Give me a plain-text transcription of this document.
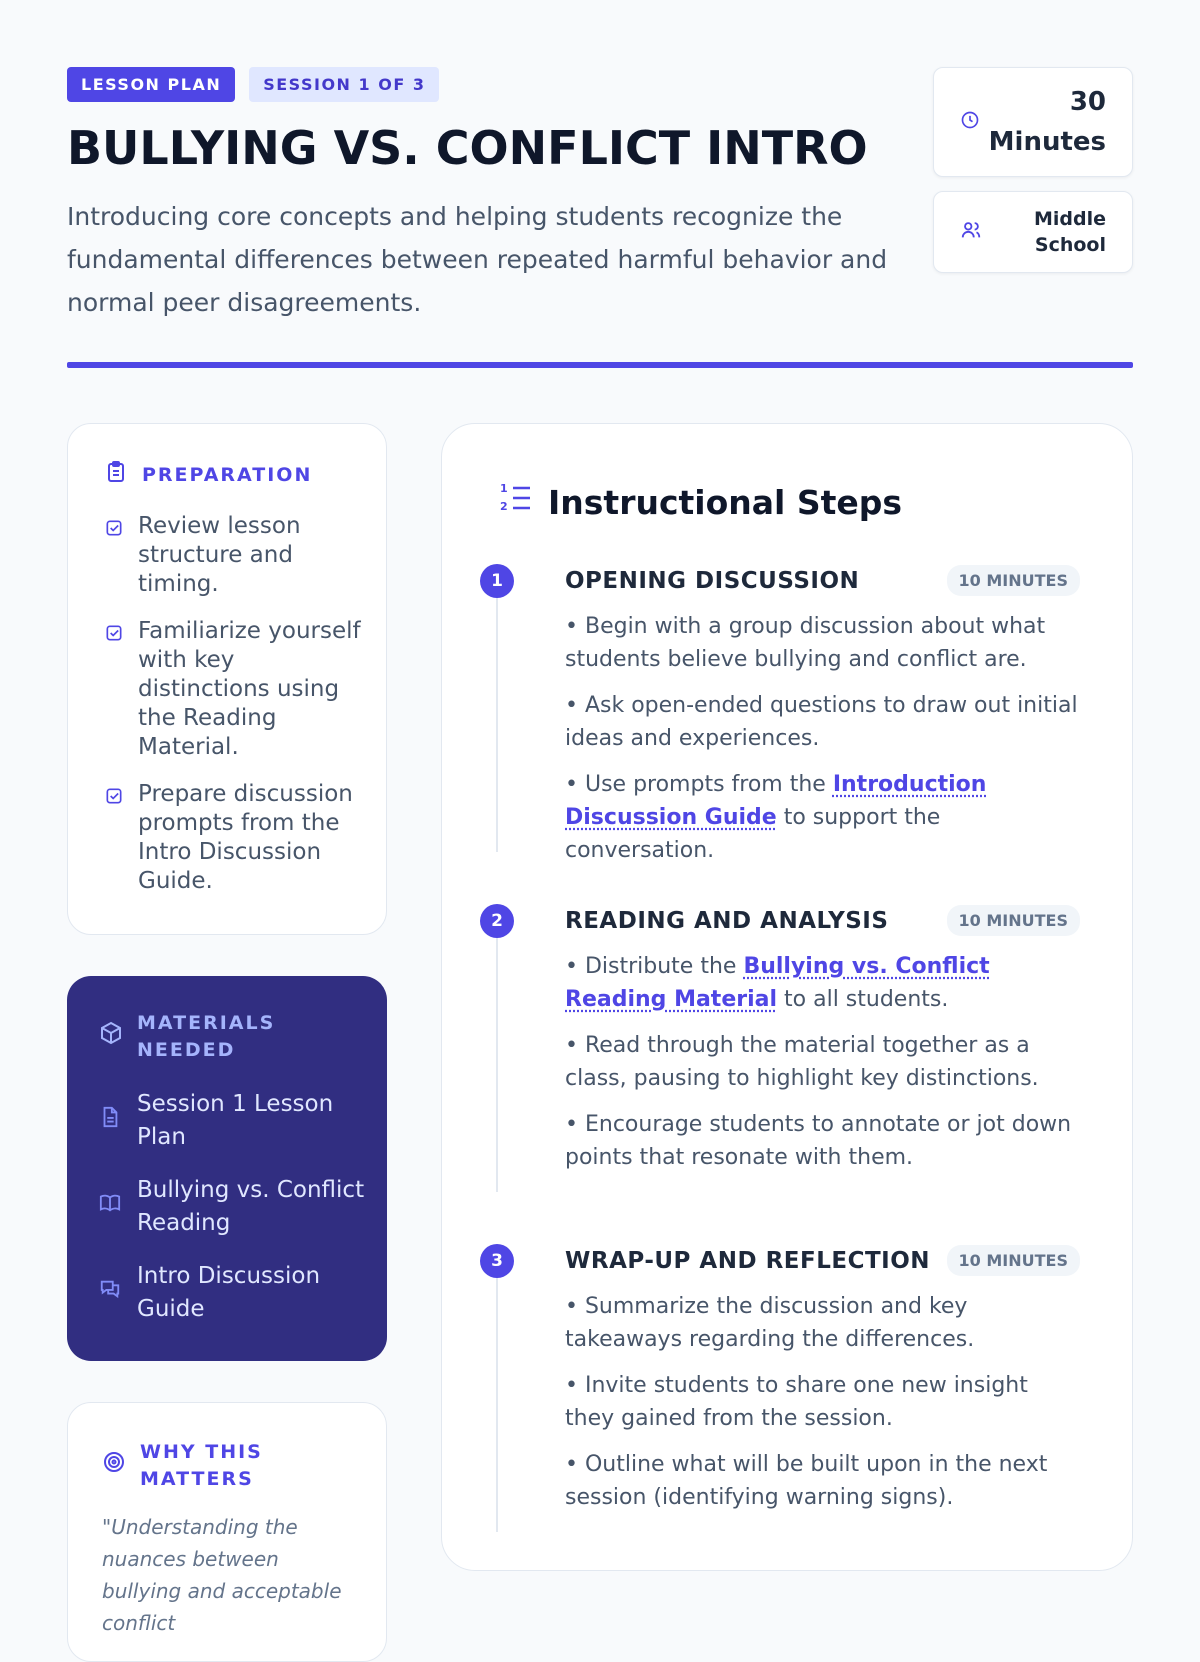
LESSON PLAN	SESSION 1 OF 3
BULLYING VS. CONFLICT INTRO

Introducing core concepts and helping students recognize the fundamental differences between repeated harmful behavior and normal peer disagreements.

30
Minutes
Middle
School
PREPARATION
Review lesson structure and timing.
Familiarize yourself with key distinctions using the Reading Material.
Prepare discussion prompts from the Intro Discussion Guide.
MATERIALS
NEEDED
Session 1 Lesson Plan
Bullying vs. Conflict Reading
Intro Discussion Guide
WHY THIS
MATTERS

"Understanding the nuances between bullying and acceptable conflict

1
2 Instructional Steps
1	OPENING DISCUSSION	10 MINUTES
• Begin with a group discussion about what students believe bullying and conflict are.
• Ask open-ended questions to draw out initial ideas and experiences.
• Use prompts from the Introduction Discussion Guide to support the conversation.
2	READING AND ANALYSIS	10 MINUTES
• Distribute the Bullying vs. Conflict Reading Material to all students.
• Read through the material together as a class, pausing to highlight key distinctions.
• Encourage students to annotate or jot down points that resonate with them.
3	WRAP-UP AND REFLECTION	10 MINUTES
• Summarize the discussion and key takeaways regarding the differences.
• Invite students to share one new insight they gained from the session.
• Outline what will be built upon in the next session (identifying warning signs).
